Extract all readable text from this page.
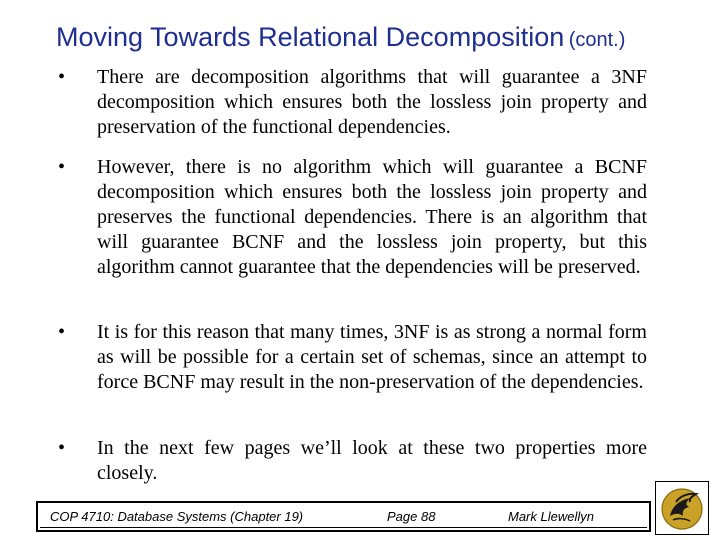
Moving Towards Relational Decomposition (cont.)
• There are decomposition algorithms that will guarantee a 3NF decomposition which ensures both the lossless join property and preservation of the functional dependencies.

• However, there is no algorithm which will guarantee a BCNF decomposition which ensures both the lossless join property and preserves the functional dependencies. There is an algorithm that will guarantee BCNF and the lossless join property, but this algorithm cannot guarantee that the dependencies will be preserved.

• It is for this reason that many times, 3NF is as strong a normal form as will be possible for a certain set of schemas, since an attempt to force BCNF may result in the non-preservation of the dependencies.

• In the next few pages we’ll look at these two properties more closely.

COP 4710: Database Systems (Chapter 19)	Page 88	Mark Llewellyn
